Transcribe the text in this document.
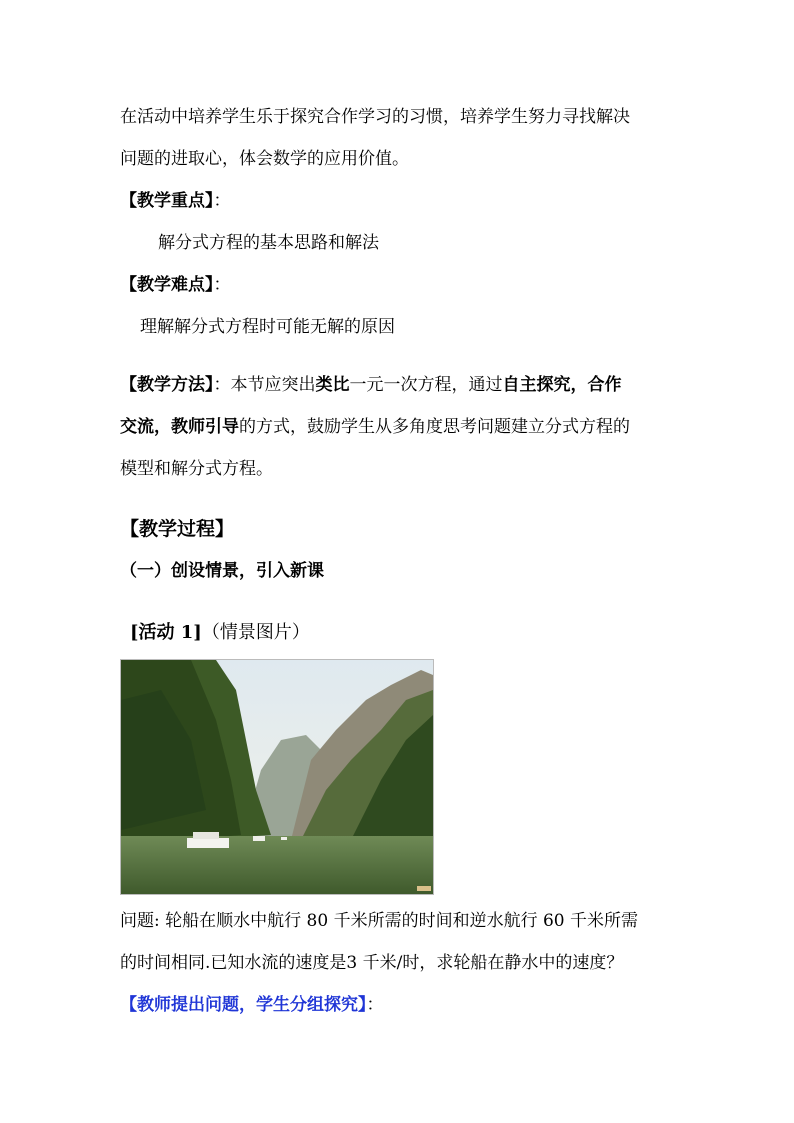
在活动中培养学生乐于探究合作学习的习惯，培养学生努力寻找解决
问题的进取心，体会数学的应用价值。
【教学重点】：
解分式方程的基本思路和解法
【教学难点】：
理解解分式方程时可能无解的原因
【教学方法】：本节应突出类比一元一次方程，通过自主探究，合作
交流，教师引导的方式，鼓励学生从多角度思考问题建立分式方程的
模型和解分式方程。
【教学过程】
（一）创设情景，引入新课
[活动 1]（情景图片）
问题: 轮船在顺水中航行 80 千米所需的时间和逆水航行 60 千米所需
的时间相同.已知水流的速度是3 千米/时，求轮船在静水中的速度？
【教师提出问题，学生分组探究】：
